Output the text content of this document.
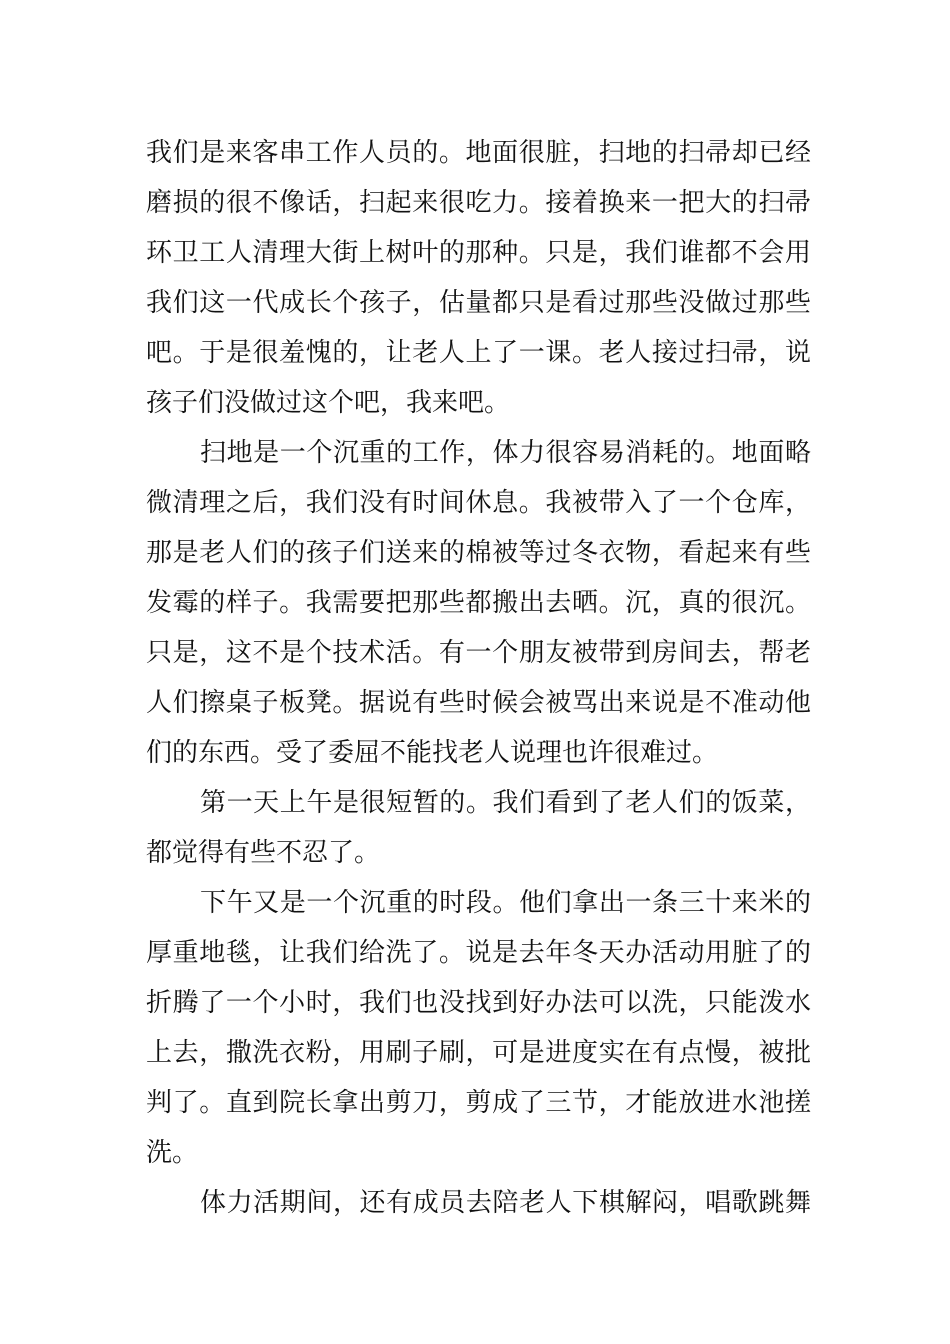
我们是来客串工作人员的。地面很脏，扫地的扫帚却已经
磨损的很不像话，扫起来很吃力。接着换来一把大的扫帚
环卫工人清理大街上树叶的那种。只是，我们谁都不会用
我们这一代成长个孩子，估量都只是看过那些没做过那些
吧。于是很羞愧的，让老人上了一课。老人接过扫帚，说
孩子们没做过这个吧，我来吧。
扫地是一个沉重的工作，体力很容易消耗的。地面略
微清理之后，我们没有时间休息。我被带入了一个仓库，
那是老人们的孩子们送来的棉被等过冬衣物，看起来有些
发霉的样子。我需要把那些都搬出去晒。沉，真的很沉。
只是，这不是个技术活。有一个朋友被带到房间去，帮老
人们擦桌子板凳。据说有些时候会被骂出来说是不准动他
们的东西。受了委屈不能找老人说理也许很难过。
第一天上午是很短暂的。我们看到了老人们的饭菜，
都觉得有些不忍了。
下午又是一个沉重的时段。他们拿出一条三十来米的
厚重地毯，让我们给洗了。说是去年冬天办活动用脏了的
折腾了一个小时，我们也没找到好办法可以洗，只能泼水
上去，撒洗衣粉，用刷子刷，可是进度实在有点慢，被批
判了。直到院长拿出剪刀，剪成了三节，才能放进水池搓
洗。
体力活期间，还有成员去陪老人下棋解闷，唱歌跳舞
